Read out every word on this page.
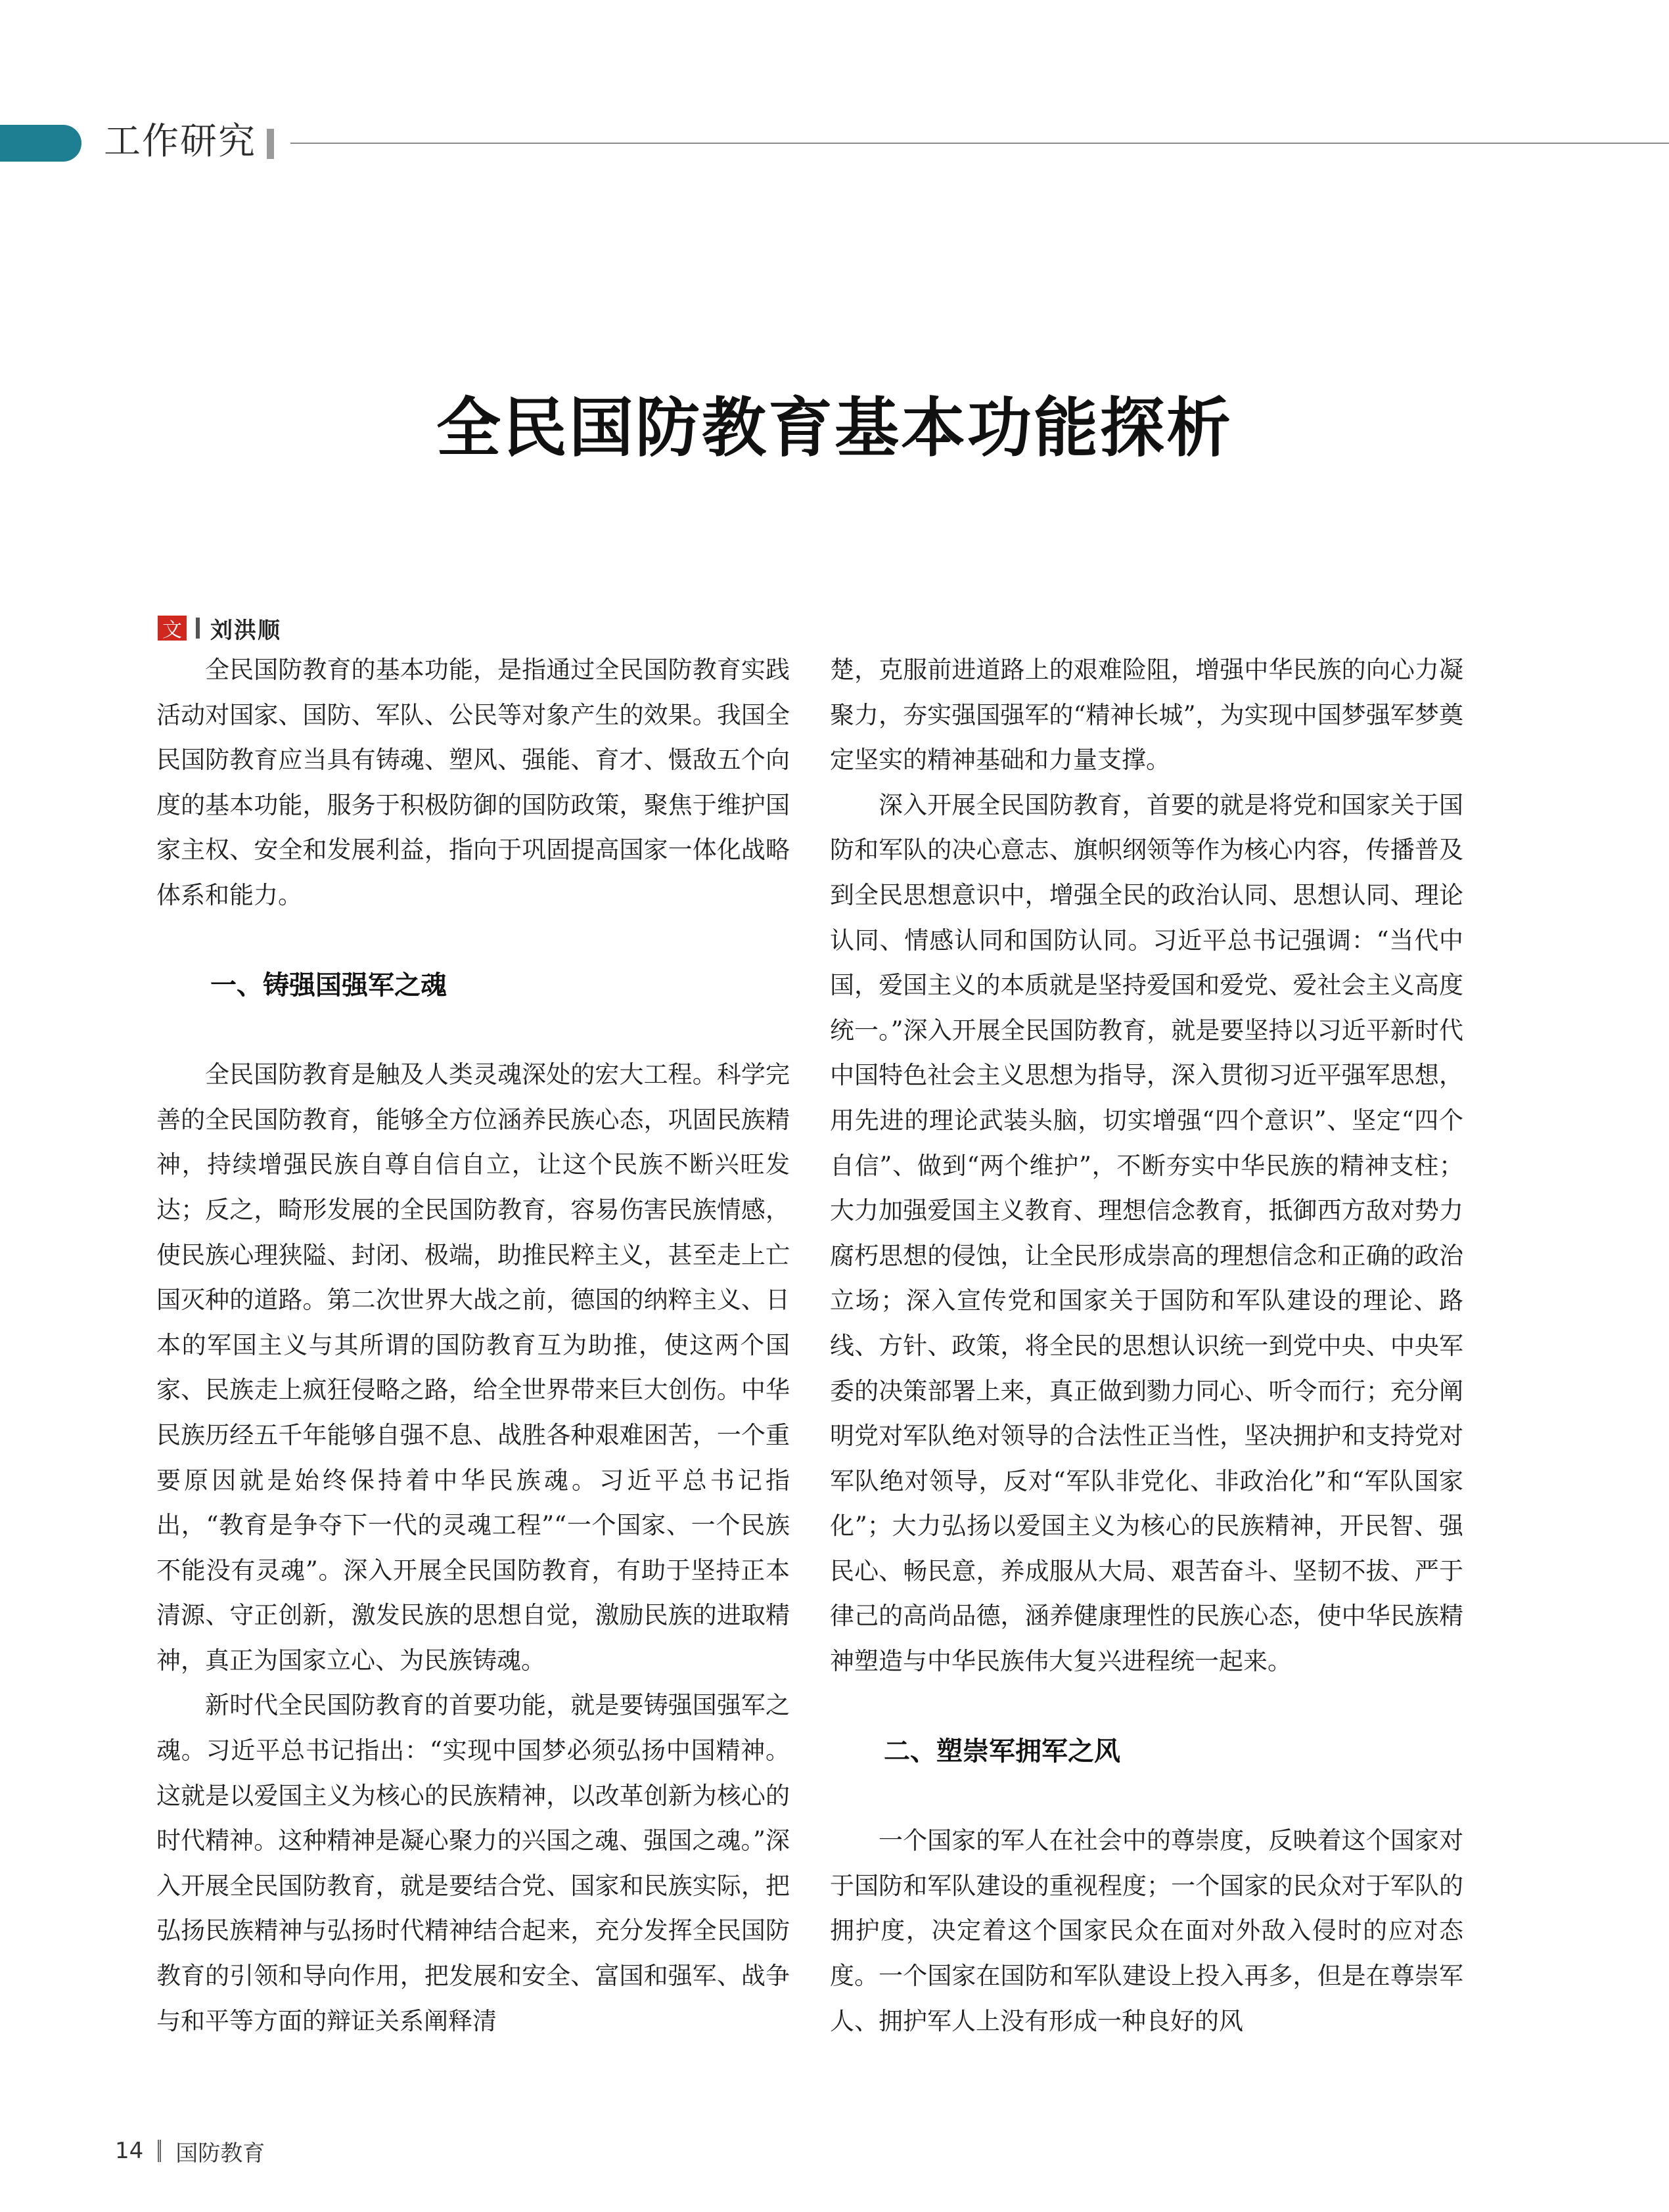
工作研究
全民国防教育基本功能探析
文 刘洪顺

全民国防教育的基本功能，是指通过全民国防教育实践活动对国家、国防、军队、公民等对象产生的效果。我国全民国防教育应当具有铸魂、塑风、强能、育才、慑敌五个向度的基本功能，服务于积极防御的国防政策，聚焦于维护国家主权、安全和发展利益，指向于巩固提高国家一体化战略体系和能力。

一、铸强国强军之魂

全民国防教育是触及人类灵魂深处的宏大工程。科学完善的全民国防教育，能够全方位涵养民族心态，巩固民族精神，持续增强民族自尊自信自立，让这个民族不断兴旺发达；反之，畸形发展的全民国防教育，容易伤害民族情感，使民族心理狭隘、封闭、极端，助推民粹主义，甚至走上亡国灭种的道路。第二次世界大战之前，德国的纳粹主义、日本的军国主义与其所谓的国防教育互为助推，使这两个国家、民族走上疯狂侵略之路，给全世界带来巨大创伤。中华民族历经五千年能够自强不息、战胜各种艰难困苦，一个重要原因就是始终保持着中华民族魂。习近平总书记指出，“教育是争夺下一代的灵魂工程”“一个国家、一个民族不能没有灵魂”。深入开展全民国防教育，有助于坚持正本清源、守正创新，激发民族的思想自觉，激励民族的进取精神，真正为国家立心、为民族铸魂。

新时代全民国防教育的首要功能，就是要铸强国强军之魂。习近平总书记指出：“实现中国梦必须弘扬中国精神。这就是以爱国主义为核心的民族精神，以改革创新为核心的时代精神。这种精神是凝心聚力的兴国之魂、强国之魂。”深入开展全民国防教育，就是要结合党、国家和民族实际，把弘扬民族精神与弘扬时代精神结合起来，充分发挥全民国防教育的引领和导向作用，把发展和安全、富国和强军、战争与和平等方面的辩证关系阐释清

楚，克服前进道路上的艰难险阻，增强中华民族的向心力凝聚力，夯实强国强军的“精神长城”，为实现中国梦强军梦奠定坚实的精神基础和力量支撑。

深入开展全民国防教育，首要的就是将党和国家关于国防和军队的决心意志、旗帜纲领等作为核心内容，传播普及到全民思想意识中，增强全民的政治认同、思想认同、理论认同、情感认同和国防认同。习近平总书记强调：“当代中国，爱国主义的本质就是坚持爱国和爱党、爱社会主义高度统一。”深入开展全民国防教育，就是要坚持以习近平新时代中国特色社会主义思想为指导，深入贯彻习近平强军思想，用先进的理论武装头脑，切实增强“四个意识”、坚定“四个自信”、做到“两个维护”，不断夯实中华民族的精神支柱；大力加强爱国主义教育、理想信念教育，抵御西方敌对势力腐朽思想的侵蚀，让全民形成崇高的理想信念和正确的政治立场；深入宣传党和国家关于国防和军队建设的理论、路线、方针、政策，将全民的思想认识统一到党中央、中央军委的决策部署上来，真正做到勠力同心、听令而行；充分阐明党对军队绝对领导的合法性正当性，坚决拥护和支持党对军队绝对领导，反对“军队非党化、非政治化”和“军队国家化”；大力弘扬以爱国主义为核心的民族精神，开民智、强民心、畅民意，养成服从大局、艰苦奋斗、坚韧不拔、严于律己的高尚品德，涵养健康理性的民族心态，使中华民族精神塑造与中华民族伟大复兴进程统一起来。

二、塑崇军拥军之风

一个国家的军人在社会中的尊崇度，反映着这个国家对于国防和军队建设的重视程度；一个国家的民众对于军队的拥护度，决定着这个国家民众在面对外敌入侵时的应对态度。一个国家在国防和军队建设上投入再多，但是在尊崇军人、拥护军人上没有形成一种良好的风

14 国防教育
